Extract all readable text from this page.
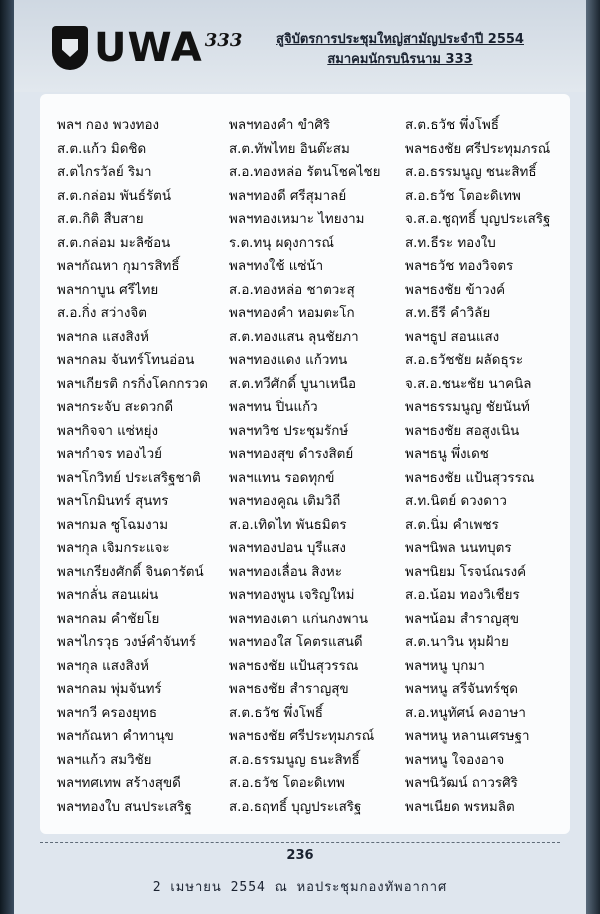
UWA 333	สูจิบัตรการประชุมใหญ่สามัญประจำปี 2554
สมาคมนักรบนิรนาม 333
พลฯ กอง พวงทอง
ส.ต.แก้ว มิดชิด
ส.ตไกรวัลย์ ริมา
ส.ต.กล่อม พันธ์รัตน์
ส.ต.กิติ สืบสาย
ส.ต.กล่อม มะลิซ้อน
พลฯกัณหา กุมารสิทธิ์
พลฯกาบูน ศรีไทย
ส.อ.กิ่ง สว่างจิต
พลฯกล แสงสิงห์
พลฯกลม จันทร์โทนอ่อน
พลฯเกียรติ กรกิ่งโคกกรวด
พลฯกระจับ สะดวกดี
พลฯกิจจา แซ่หยุ่ง
พลฯกำจร ทองไวย์
พลฯโกวิทย์ ประเสริฐชาติ
พลฯโกมินทร์ สุนทร
พลฯกมล ซูโฉมงาม
พลฯกุล เจิมกระแจะ
พลฯเกรียงศักดิ์ จินดารัตน์
พลฯกลั่น สอนเผ่น
พลฯกลม คำชัยโย
พลฯไกรวุธ วงษ์คำจันทร์
พลฯกุล แสงสิงห์
พลฯกลม พุ่มจันทร์
พลฯกวี ครองยุทธ
พลฯกัณหา คำทานุข
พลฯแก้ว สมวิชัย
พลฯทศเทพ สร้างสุขดี
พลฯทองใบ สนประเสริฐ
พลฯทองคำ ขำศิริ
ส.ต.ทัพไทย อินต๊ะสม
ส.อ.ทองหล่อ รัตนโชคไชย
พลฯทองดี ศรีสุมาลย์
พลฯทองเหมาะ ไทยงาม
ร.ต.ทนุ ผดุงการณ์
พลฯทงใช้ แซ่น้า
ส.อ.ทองหล่อ ชาตวะสุ
พลฯทองคำ หอมตะโก
ส.ต.ทองแสน ลุนชัยภา
พลฯทองแดง แก้วทน
ส.ต.ทวีศักดิ์ บูนาเหนือ
พลฯทน ปิ่นแก้ว
พลฯทวิช ประชุมรักษ์
พลฯทองสุข ดำรงสิตย์
พลฯแทน รอดทุกข์
พลฯทองคูณ เติมวิถี
ส.อ.เทิดไท พันธมิตร
พลฯทองปอน บุรีแสง
พลฯทองเลื่อน สิงหะ
พลฯทองพูน เจริญใหม่
พลฯทองเตา แก่นกงพาน
พลฯทองใส โคตรแสนดี
พลฯธงชัย แป้นสุวรรณ
พลฯธงชัย สำราญสุข
ส.ต.ธวัช พึ่งโพธิ์
พลฯธงชัย ศรีประทุมภรณ์
ส.อ.ธรรมนูญ ธนะสิทธิ์
ส.อ.ธวัช โตอะดิเทพ
ส.อ.ธฤทธิ์ บุญประเสริฐ
ส.ต.ธวัช พึ่งโพธิ์
พลฯธงชัย ศรีประทุมภรณ์
ส.อ.ธรรมนูญ ชนะสิทธิ์
ส.อ.ธวัช โตอะดิเทพ
จ.ส.อ.ชูฤทธิ์ บุญประเสริฐ
ส.ท.ธีระ ทองใบ
พลฯธวัช ทองวิจตร
พลฯธงชัย ข้าวงค์
ส.ท.ธีรี คำวิลัย
พลฯธูป สอนแสง
ส.อ.ธวัชชัย ผลัดธุระ
จ.ส.อ.ชนะชัย นาคนิล
พลฯธรรมนูญ ชัยนันท์
พลฯธงชัย สอสูงเนิน
พลฯธนู พึ่งเดช
พลฯธงชัย แป้นสุวรรณ
ส.ท.นิตย์ ดวงดาว
ส.ต.นิ่ม คำเพชร
พลฯนิพล นนทบุตร
พลฯนิยม โรจน์ณรงค์
ส.อ.น้อม ทองวิเชียร
พลฯน้อม สำราญสุข
ส.ต.นาวิน หุมฝ้าย
พลฯหนู บุกมา
พลฯหนู สรีจันทร์ชุด
ส.อ.หนูทัศน์ คงอาษา
พลฯหนู หลานเศรษฐา
พลฯหนู ใจองอาจ
พลฯนิวัฒน์ ถาวรศิริ
พลฯเนียด พรหมลิต
236
2 เมษายน 2554 ณ หอประชุมกองทัพอากาศ
